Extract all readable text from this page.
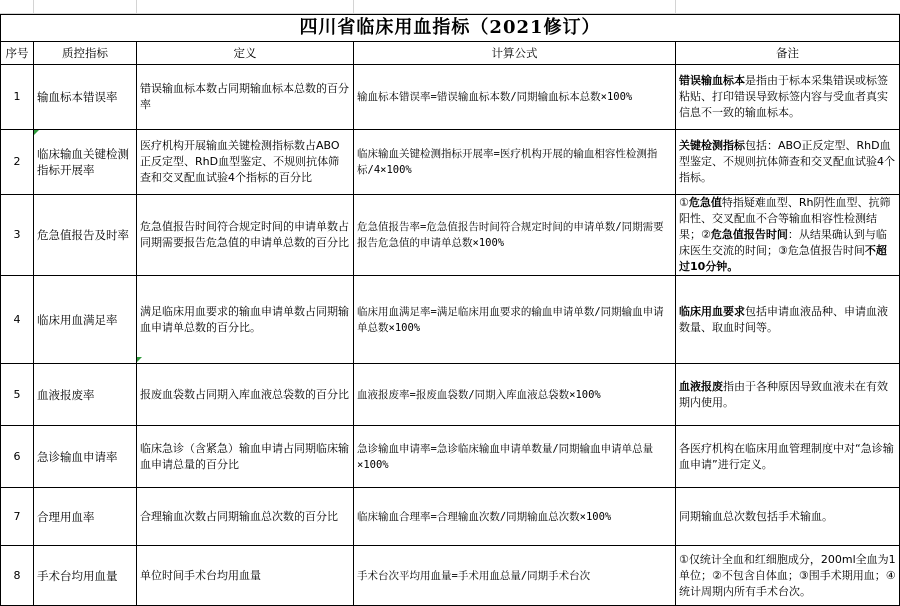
四川省临床用血指标（2021修订）				
序号	质控指标	定义	计算公式	备注
1	输血标本错误率	错误输血标本数占同期输血标本总数的百分率	输血标本错误率=错误输血标本数/同期输血标本总数×100%	错误输血标本是指由于标本采集错误或标签粘贴、打印错误导致标签内容与受血者真实信息不一致的输血标本。
2	临床输血关键检测指标开展率	医疗机构开展输血关键检测指标数占ABO正反定型、RhD血型鉴定、不规则抗体筛查和交叉配血试验4个指标的百分比	临床输血关键检测指标开展率=医疗机构开展的输血相容性检测指标/4×100%	关键检测指标包括：ABO正反定型、RhD血型鉴定、不规则抗体筛查和交叉配血试验4个指标。
3	危急值报告及时率	危急值报告时间符合规定时间的申请单数占同期需要报告危急值的申请单总数的百分比	危急值报告率=危急值报告时间符合规定时间的申请单数/同期需要报告危急值的申请单总数×100%	①危急值特指疑难血型、Rh阴性血型、抗筛阳性、交叉配血不合等输血相容性检测结果；②危急值报告时间：从结果确认到与临床医生交流的时间；③危急值报告时间不超过10分钟。
4	临床用血满足率	满足临床用血要求的输血申请单数占同期输血申请单总数的百分比。	临床用血满足率=满足临床用血要求的输血申请单数/同期输血申请单总数×100%	临床用血要求包括申请血液品种、申请血液数量、取血时间等。
5	血液报废率	报废血袋数占同期入库血液总袋数的百分比	血液报废率=报废血袋数/同期入库血液总袋数×100%	血液报废指由于各种原因导致血液未在有效期内使用。
6	急诊输血申请率	临床急诊（含紧急）输血申请占同期临床输血申请总量的百分比	急诊输血申请率=急诊临床输血申请单数量/同期输血申请单总量×100%	各医疗机构在临床用血管理制度中对“急诊输血申请”进行定义。
7	合理用血率	合理输血次数占同期输血总次数的百分比	临床输血合理率=合理输血次数/同期输血总次数×100%	同期输血总次数包括手术输血。
8	手术台均用血量	单位时间手术台均用血量	手术台次平均用血量=手术用血总量/同期手术台次	①仅统计全血和红细胞成分，200ml全血为1单位；②不包含自体血；③围手术期用血；④统计周期内所有手术台次。
